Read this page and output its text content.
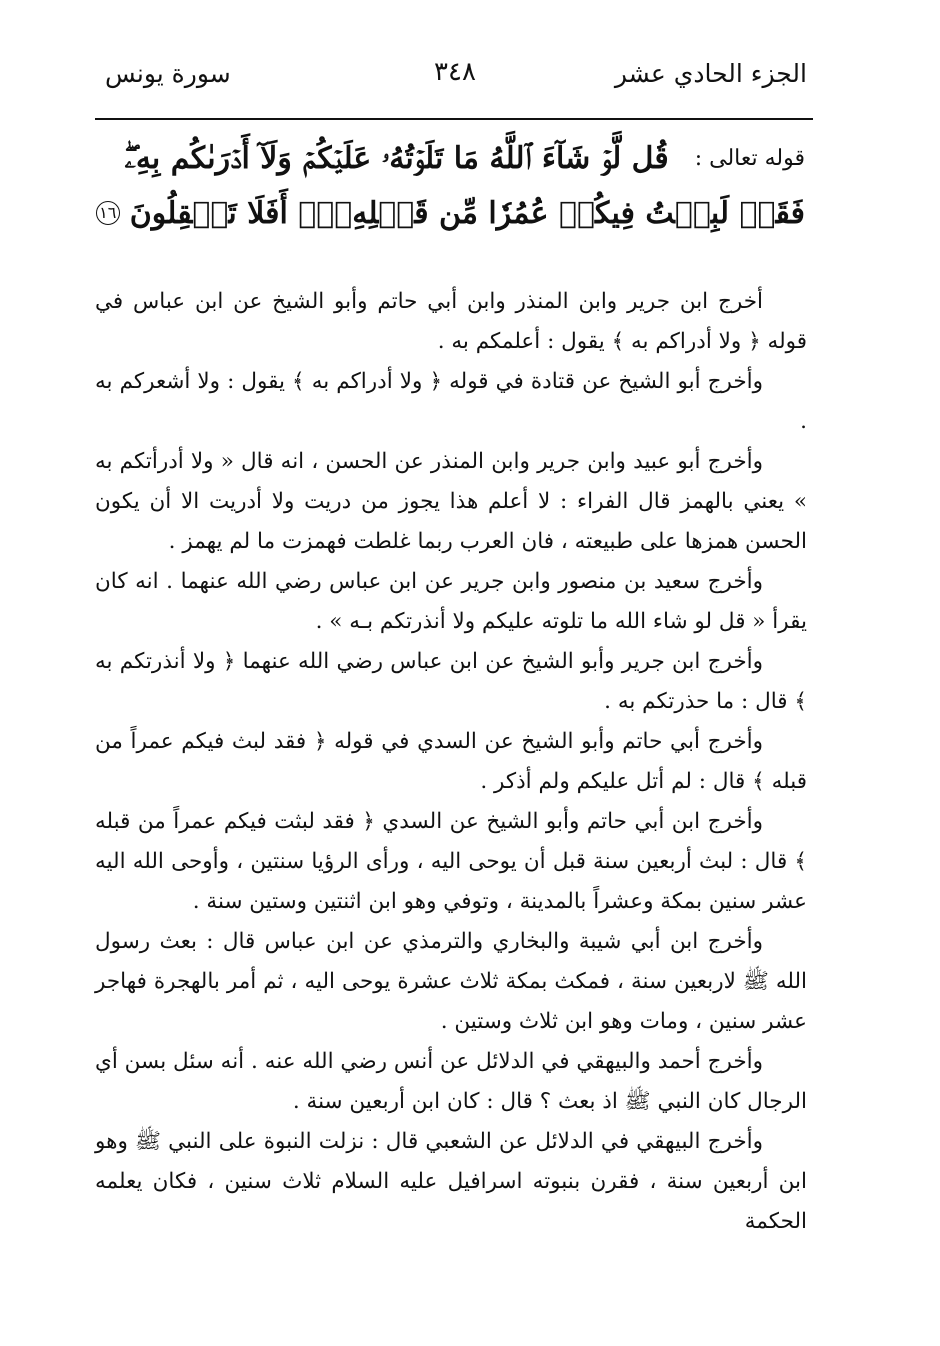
الجزء الحادي عشر
٣٤٨
سورة يونس
قوله تعالى :
قُل لَّوۡ شَآءَ ٱللَّهُ مَا تَلَوۡتُهُۥ عَلَيۡكُمۡ وَلَآ أَدۡرَىٰكُم بِهِۦۖ
فَقَدۡ لَبِثۡتُ فِيكُمۡ عُمُرٗا مِّن قَبۡلِهِۦٓۚ أَفَلَا تَعۡقِلُونَ
١٦

أخرج ابن جرير وابن المنذر وابن أبي حاتم وأبو الشيخ عن ابن عباس في قوله ﴿ ولا أدراكم به ﴾ يقول : أعلمكم به .

وأخرج أبو الشيخ عن قتادة في قوله ﴿ ولا أدراكم به ﴾ يقول : ولا أشعركم به .

وأخرج أبو عبيد وابن جرير وابن المنذر عن الحسن ، انه قال « ولا أدرأتكم به » يعني بالهمز قال الفراء : لا أعلم هذا يجوز من دريت ولا أدريت الا أن يكون الحسن همزها على طبيعته ، فان العرب ربما غلطت فهمزت ما لم يهمز .

وأخرج سعيد بن منصور وابن جرير عن ابن عباس رضي الله عنهما . انه كان يقرأ « قل لو شاء الله ما تلوته عليكم ولا أنذرتكم بـه » .

وأخرج ابن جرير وأبو الشيخ عن ابن عباس رضي الله عنهما ﴿ ولا أنذرتكم به ﴾ قال : ما حذرتكم به .

وأخرج أبي حاتم وأبو الشيخ عن السدي في قوله ﴿ فقد لبث فيكم عمراً من قبله ﴾ قال : لم أتل عليكم ولم أذكر .

وأخرج ابن أبي حاتم وأبو الشيخ عن السدي ﴿ فقد لبثت فيكم عمراً من قبله ﴾ قال : لبث أربعين سنة قبل أن يوحى اليه ، ورأى الرؤيا سنتين ، وأوحى الله اليه عشر سنين بمكة وعشراً بالمدينة ، وتوفي وهو ابن اثنتين وستين سنة .

وأخرج ابن أبي شيبة والبخاري والترمذي عن ابن عباس قال : بعث رسول الله ﷺ لاربعين سنة ، فمكث بمكة ثلاث عشرة يوحى اليه ، ثم أمر بالهجرة فهاجر عشر سنين ، ومات وهو ابن ثلاث وستين .

وأخرج أحمد والبيهقي في الدلائل عن أنس رضي الله عنه . أنه سئل بسن أي الرجال كان النبي ﷺ اذ بعث ؟ قال : كان ابن أربعين سنة .

وأخرج البيهقي في الدلائل عن الشعبي قال : نزلت النبوة على النبي ﷺ وهو ابن أربعين سنة ، فقرن بنبوته اسرافيل عليه السلام ثلاث سنين ، فكان يعلمه الحكمة
